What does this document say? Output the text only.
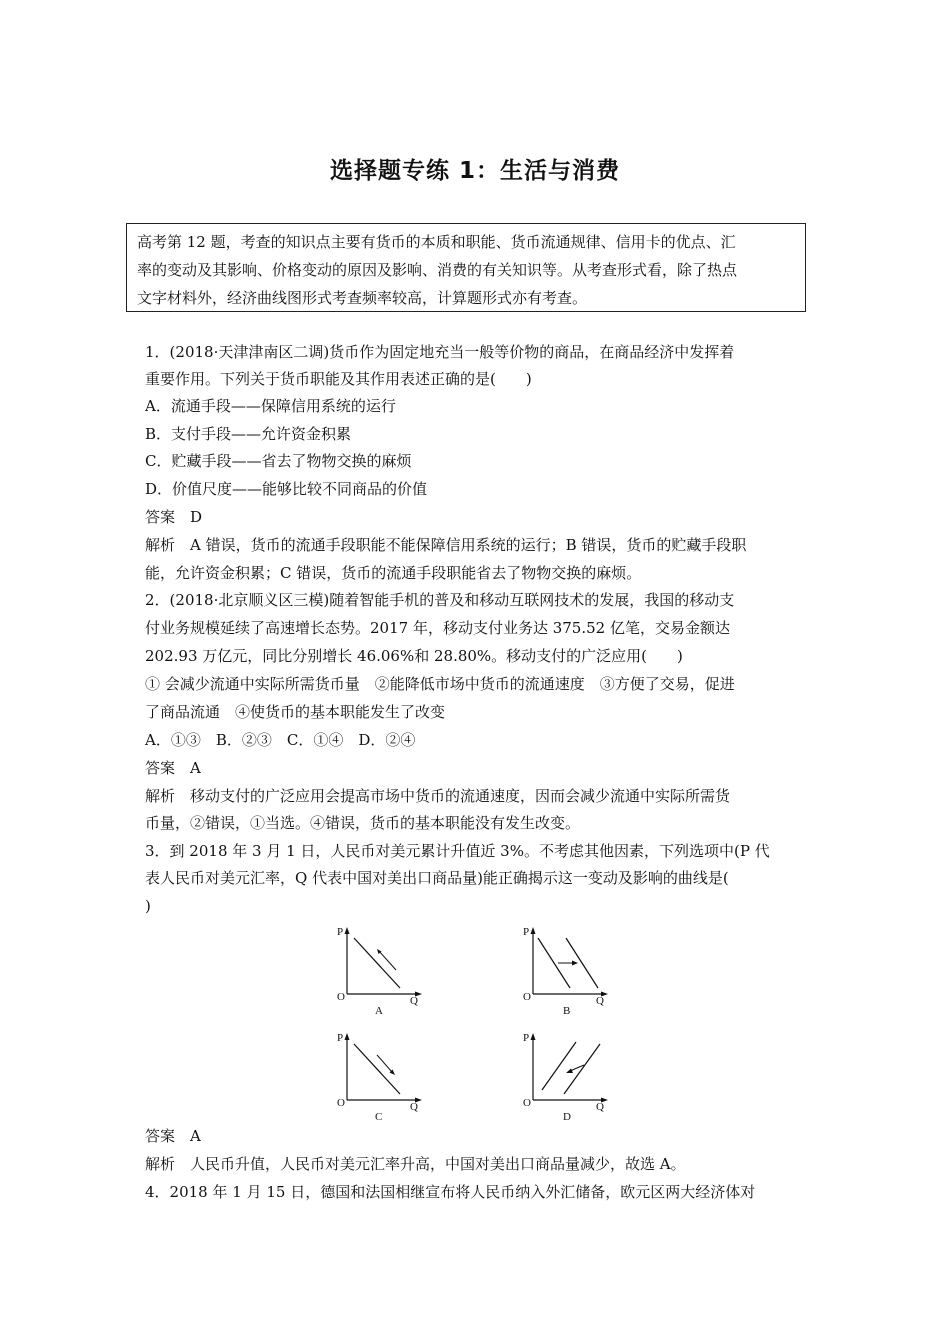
选择题专练 1：生活与消费
高考第 12 题，考查的知识点主要有货币的本质和职能、货币流通规律、信用卡的优点、汇
率的变动及其影响、价格变动的原因及影响、消费的有关知识等。从考查形式看，除了热点
文字材料外，经济曲线图形式考查频率较高，计算题形式亦有考查。
1．(2018·天津津南区二调)货币作为固定地充当一般等价物的商品，在商品经济中发挥着
重要作用。下列关于货币职能及其作用表述正确的是(　　)
A．流通手段——保障信用系统的运行
B．支付手段——允许资金积累
C．贮藏手段——省去了物物交换的麻烦
D．价值尺度——能够比较不同商品的价值
答案　D
解析　A 错误，货币的流通手段职能不能保障信用系统的运行；B 错误，货币的贮藏手段职
能，允许资金积累；C 错误，货币的流通手段职能省去了物物交换的麻烦。
2．(2018·北京顺义区三模)随着智能手机的普及和移动互联网技术的发展，我国的移动支
付业务规模延续了高速增长态势。2017 年，移动支付业务达 375.52 亿笔，交易金额达
202.93 万亿元，同比分别增长 46.06%和 28.80%。移动支付的广泛应用(　　)
① 会减少流通中实际所需货币量　②能降低市场中货币的流通速度　③方便了交易，促进
了商品流通　④使货币的基本职能发生了改变
A．①③　B．②③　C．①④　D．②④
答案　A
解析　移动支付的广泛应用会提高市场中货币的流通速度，因而会减少流通中实际所需货
币量，②错误，①当选。④错误，货币的基本职能没有发生改变。
3．到 2018 年 3 月 1 日，人民币对美元累计升值近 3%。不考虑其他因素，下列选项中(P 代
表人民币对美元汇率，Q 代表中国对美出口商品量)能正确揭示这一变动及影响的曲线是(
)
P
Q
O
A
P
Q
O
B
P
Q
O
C
P
Q
O
D
答案　A
解析　人民币升值，人民币对美元汇率升高，中国对美出口商品量减少，故选 A。
4．2018 年 1 月 15 日，德国和法国相继宣布将人民币纳入外汇储备，欧元区两大经济体对
